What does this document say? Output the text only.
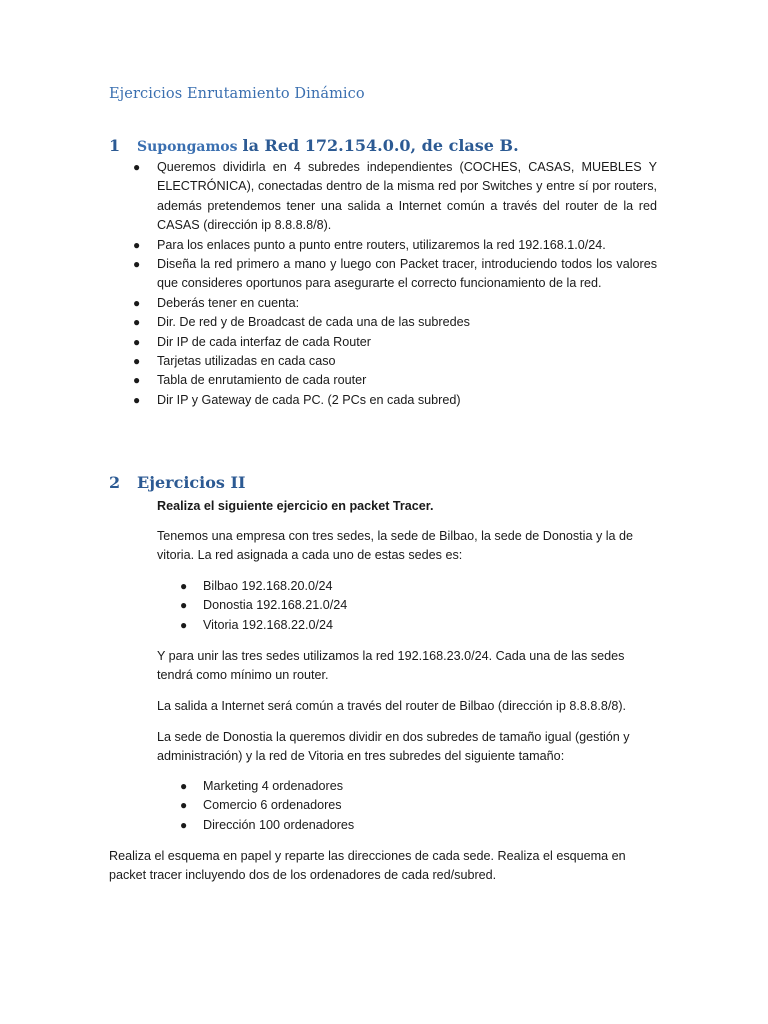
Ejercicios Enrutamiento Dinámico
1	Supongamos la Red 172.154.0.0, de clase B.
● Queremos dividirla en 4 subredes independientes (COCHES, CASAS, MUEBLES Y ELECTRÓNICA), conectadas dentro de la misma red por Switches y entre sí por routers, además pretendemos tener una salida a Internet común a través del router de la red CASAS (dirección ip 8.8.8.8/8).
● Para los enlaces punto a punto entre routers, utilizaremos la red 192.168.1.0/24.
● Diseña la red primero a mano y luego con Packet tracer, introduciendo todos los valores que consideres oportunos para asegurarte el correcto funcionamiento de la red.
● Deberás tener en cuenta:
● Dir. De red y de Broadcast de cada una de las subredes
● Dir IP de cada interfaz de cada Router
● Tarjetas utilizadas en cada caso
● Tabla de enrutamiento de cada router
● Dir IP y Gateway de cada PC. (2 PCs en cada subred)
2	Ejercicios II
Realiza el siguiente ejercicio en packet Tracer.
Tenemos una empresa con tres sedes, la sede de Bilbao, la sede de Donostia y la de vitoria. La red asignada a cada uno de estas sedes es:
● Bilbao 192.168.20.0/24
● Donostia 192.168.21.0/24
● Vitoria 192.168.22.0/24
Y para unir las tres sedes utilizamos la red 192.168.23.0/24. Cada una de las sedes tendrá como mínimo un router.
La salida a Internet será común a través del router de Bilbao (dirección ip 8.8.8.8/8).
La sede de Donostia la queremos dividir en dos subredes de tamaño igual (gestión y administración) y la red de Vitoria en tres subredes del siguiente tamaño:
● Marketing 4 ordenadores
● Comercio 6 ordenadores
● Dirección 100 ordenadores

Realiza el esquema en papel y reparte las direcciones de cada sede. Realiza el esquema en packet tracer incluyendo dos de los ordenadores de cada red/subred.
